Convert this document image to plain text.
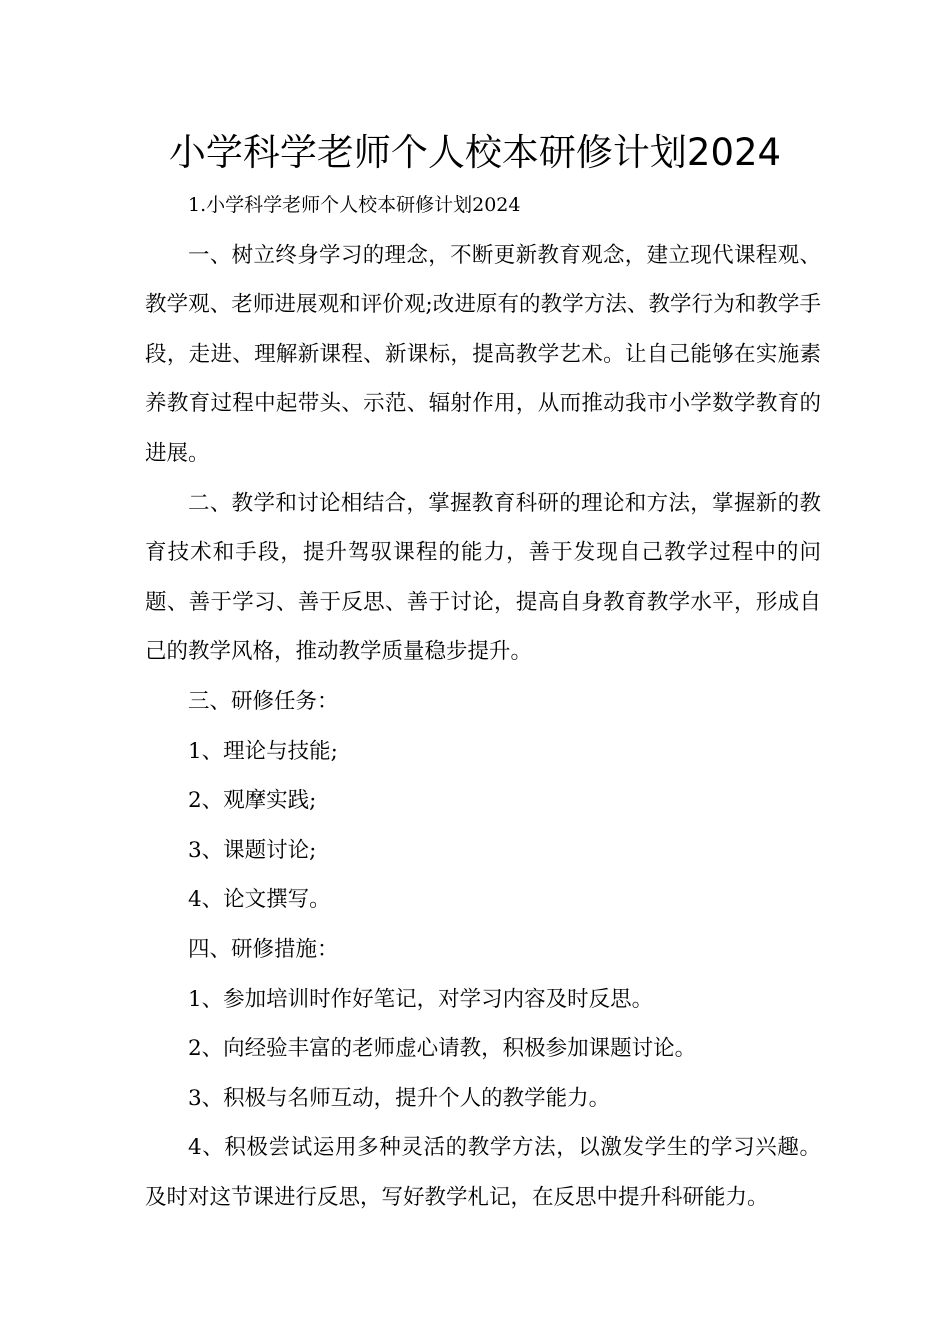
小学科学老师个人校本研修计划2024

1.小学科学老师个人校本研修计划2024

一、树立终身学习的理念，不断更新教育观念，建立现代课程观、教学观、老师进展观和评价观;改进原有的教学方法、教学行为和教学手段，走进、理解新课程、新课标，提高教学艺术。让自己能够在实施素养教育过程中起带头、示范、辐射作用，从而推动我市小学数学教育的进展。

二、教学和讨论相结合，掌握教育科研的理论和方法，掌握新的教育技术和手段，提升驾驭课程的能力，善于发现自己教学过程中的问题、善于学习、善于反思、善于讨论，提高自身教育教学水平，形成自己的教学风格，推动教学质量稳步提升。

三、研修任务：

1、理论与技能;

2、观摩实践;

3、课题讨论;

4、论文撰写。

四、研修措施：

1、参加培训时作好笔记，对学习内容及时反思。

2、向经验丰富的老师虚心请教，积极参加课题讨论。

3、积极与名师互动，提升个人的教学能力。

4、积极尝试运用多种灵活的教学方法，以激发学生的学习兴趣。及时对这节课进行反思，写好教学札记，在反思中提升科研能力。
